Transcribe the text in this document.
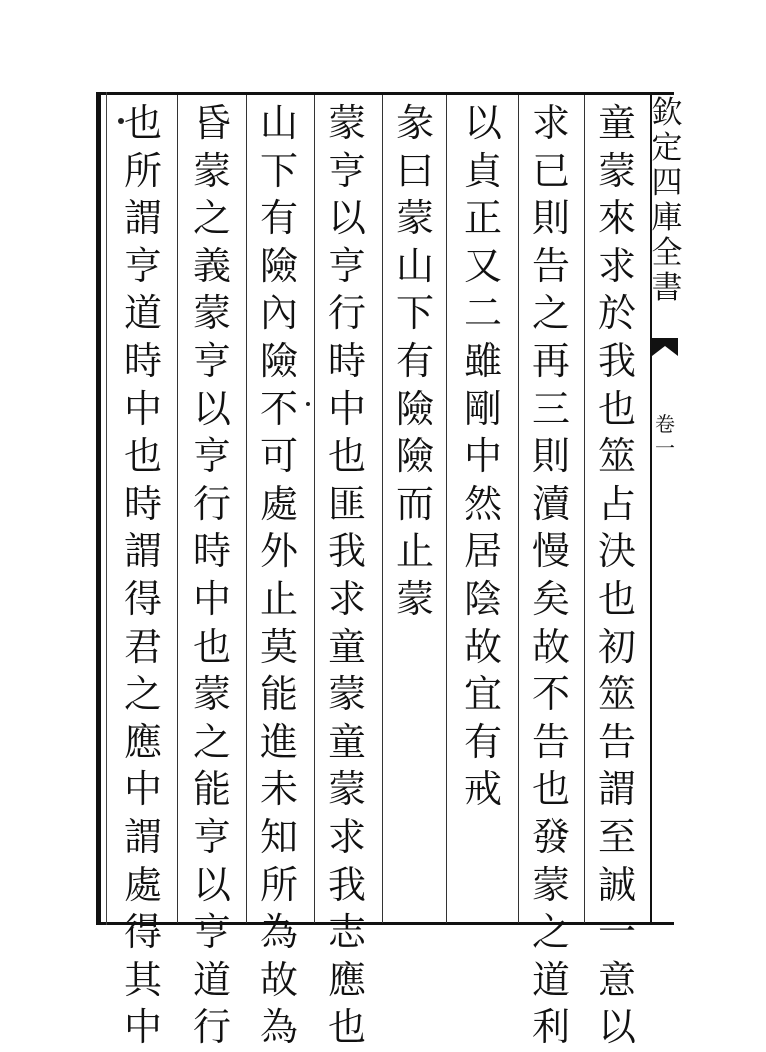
欽
定
四
庫
全
書
卷
一
童
蒙
來
求
於
我
也
筮
占
決
也
初
筮
告
謂
至
誠
一
意
以
求
已
則
告
之
再
三
則
瀆
慢
矣
故
不
告
也
發
蒙
之
道
利
以
貞
正
又
二
雖
剛
中
然
居
陰
故
宜
有
戒
彖
曰
蒙
山
下
有
險
險
而
止
蒙
蒙
亨
以
亨
行
時
中
也
匪
我
求
童
蒙
童
蒙
求
我
志
應
也
山
下
有
險
內
險
不
可
處
外
止
莫
能
進
未
知
所
為
故
為
昏
蒙
之
義
蒙
亨
以
亨
行
時
中
也
蒙
之
能
亨
以
亨
道
行
也
所
謂
亨
道
時
中
也
時
謂
得
君
之
應
中
謂
處
得
其
中
